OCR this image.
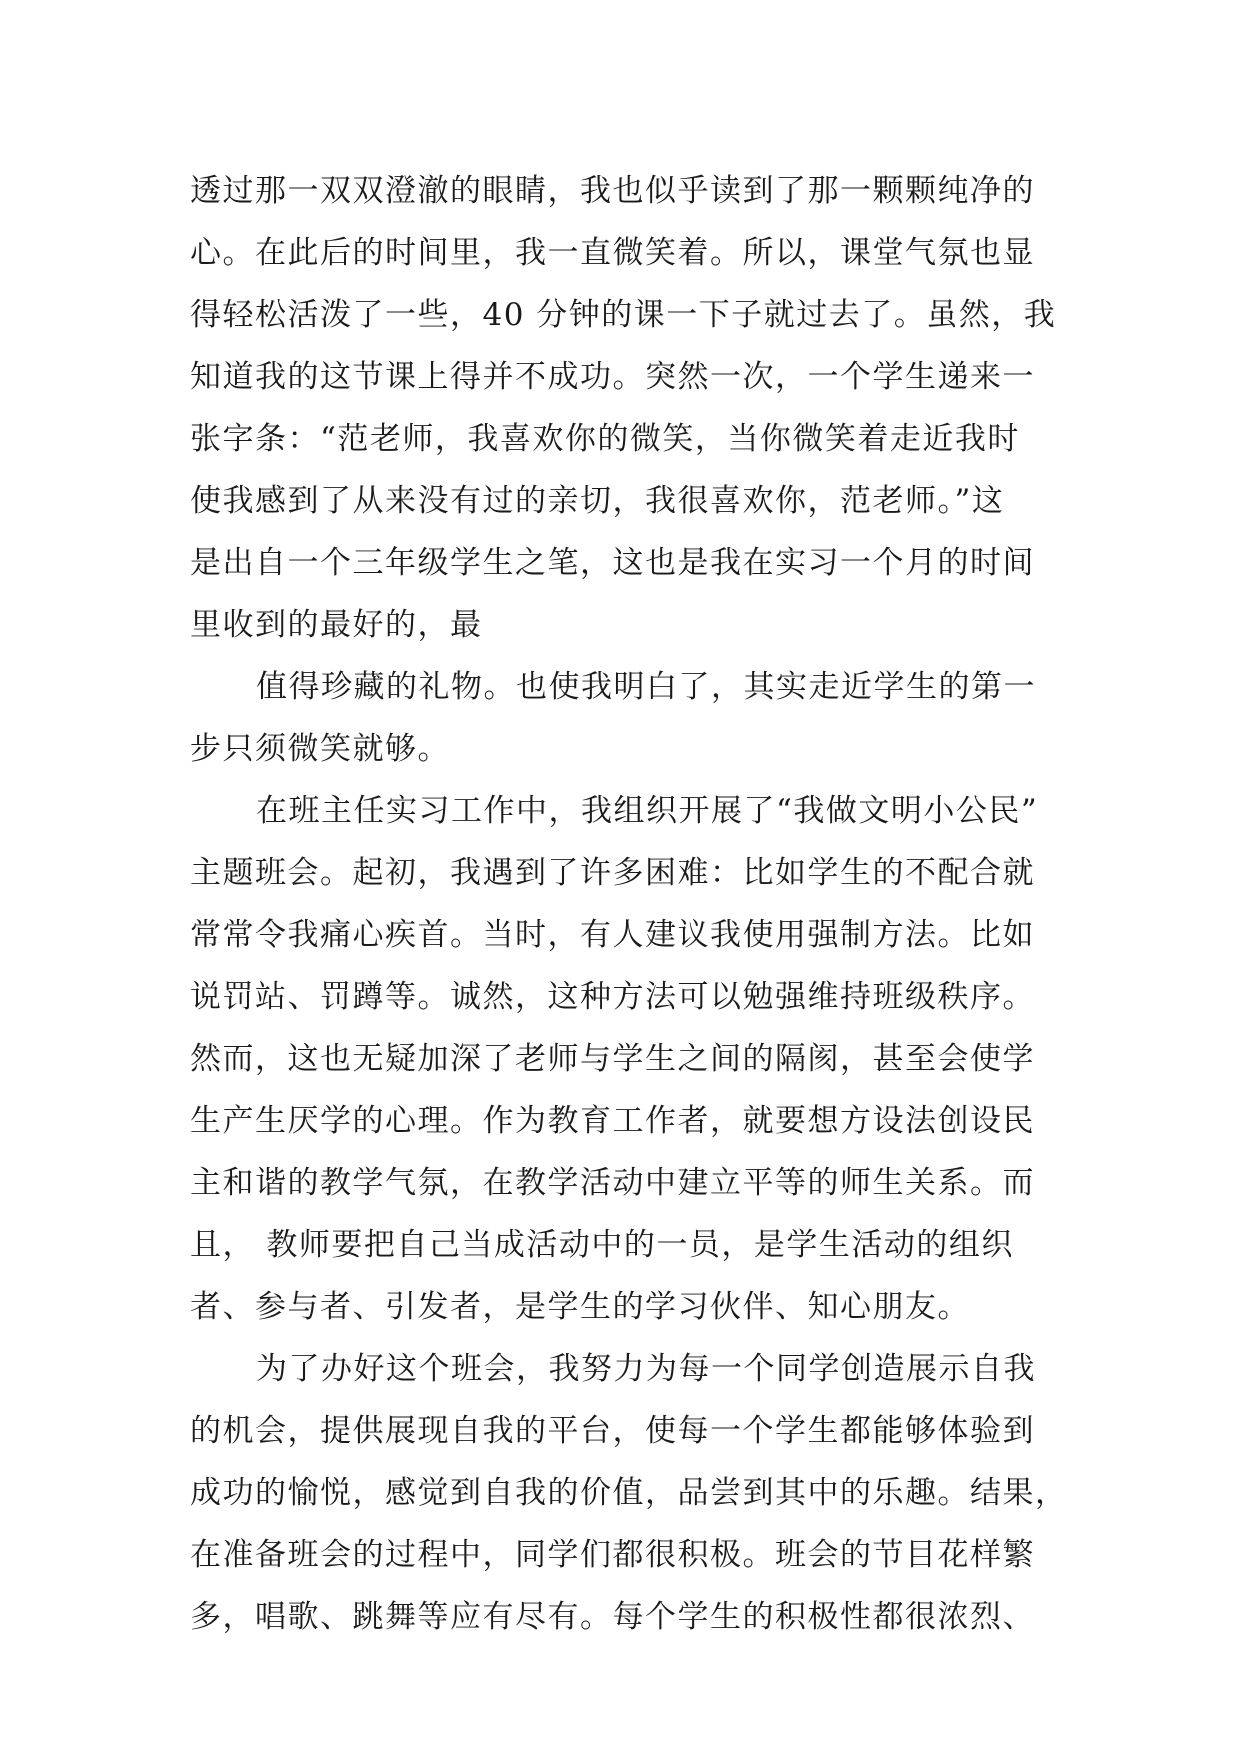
透过那一双双澄澈的眼睛，我也似乎读到了那一颗颗纯净的
心。在此后的时间里，我一直微笑着。所以，课堂气氛也显
得轻松活泼了一些，40 分钟的课一下子就过去了。虽然，我
知道我的这节课上得并不成功。突然一次，一个学生递来一
张字条：“范老师，我喜欢你的微笑，当你微笑着走近我时
使我感到了从来没有过的亲切，我很喜欢你，范老师。”这
是出自一个三年级学生之笔，这也是我在实习一个月的时间
里收到的最好的，最
值得珍藏的礼物。也使我明白了，其实走近学生的第一
步只须微笑就够。
在班主任实习工作中，我组织开展了“我做文明小公民”
主题班会。起初，我遇到了许多困难：比如学生的不配合就
常常令我痛心疾首。当时，有人建议我使用强制方法。比如
说罚站、罚蹲等。诚然，这种方法可以勉强维持班级秩序。
然而，这也无疑加深了老师与学生之间的隔阂，甚至会使学
生产生厌学的心理。作为教育工作者，就要想方设法创设民
主和谐的教学气氛，在教学活动中建立平等的师生关系。而
且， 教师要把自己当成活动中的一员，是学生活动的组织
者、参与者、引发者，是学生的学习伙伴、知心朋友。
为了办好这个班会，我努力为每一个同学创造展示自我
的机会，提供展现自我的平台，使每一个学生都能够体验到
成功的愉悦，感觉到自我的价值，品尝到其中的乐趣。结果，
在准备班会的过程中，同学们都很积极。班会的节目花样繁
多，唱歌、跳舞等应有尽有。每个学生的积极性都很浓烈、
